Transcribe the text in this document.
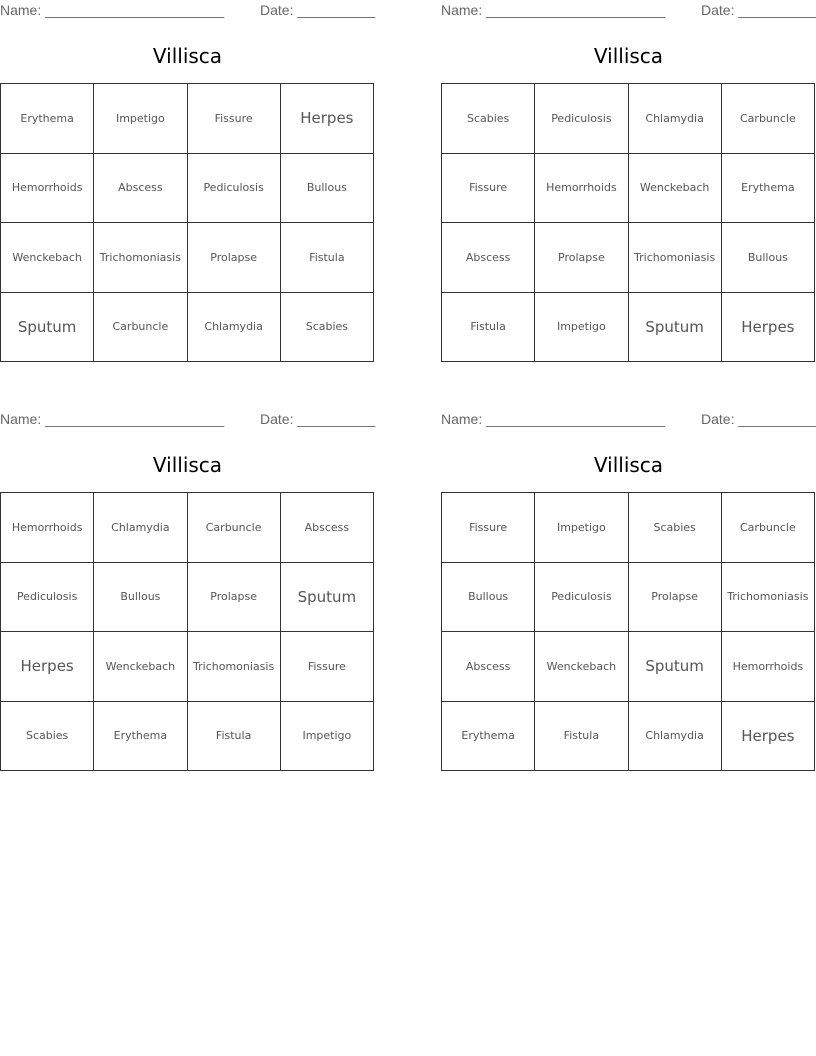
Name: _______________________	Date: __________
Villisca
Erythema	Impetigo	Fissure	Herpes
Hemorrhoids	Abscess	Pediculosis	Bullous
Wenckebach	Trichomoniasis	Prolapse	Fistula
Sputum	Carbuncle	Chlamydia	Scabies
Name: _______________________	Date: __________
Villisca
Scabies	Pediculosis	Chlamydia	Carbuncle
Fissure	Hemorrhoids	Wenckebach	Erythema
Abscess	Prolapse	Trichomoniasis	Bullous
Fistula	Impetigo	Sputum	Herpes
Name: _______________________	Date: __________
Villisca
Hemorrhoids	Chlamydia	Carbuncle	Abscess
Pediculosis	Bullous	Prolapse	Sputum
Herpes	Wenckebach	Trichomoniasis	Fissure
Scabies	Erythema	Fistula	Impetigo
Name: _______________________	Date: __________
Villisca
Fissure	Impetigo	Scabies	Carbuncle
Bullous	Pediculosis	Prolapse	Trichomoniasis
Abscess	Wenckebach	Sputum	Hemorrhoids
Erythema	Fistula	Chlamydia	Herpes
